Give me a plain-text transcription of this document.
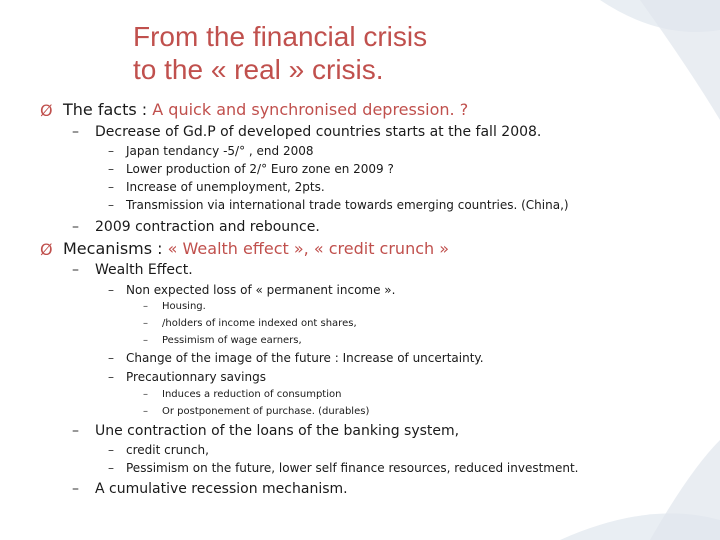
From the financial crisis
to the « real » crisis.
Ø The facts : A quick and synchronised depression. ?
– Decrease of Gd.P of developed countries starts at the fall 2008.
– Japan tendancy -5/° , end 2008
– Lower production of 2/° Euro zone en 2009 ?
– Increase of unemployment, 2pts.
– Transmission via international trade towards emerging countries. (China,)
– 2009 contraction and rebounce.
Ø Mecanisms : « Wealth effect », « credit crunch »
– Wealth Effect.
– Non expected loss of « permanent income ».
– Housing.
– /holders of income indexed ont shares,
– Pessimism of wage earners,
– Change of the image of the future : Increase of uncertainty.
– Precautionnary savings
– Induces a reduction of consumption
– Or postponement of purchase. (durables)
– Une contraction of the loans of the banking system,
– credit crunch,
– Pessimism on the future, lower self finance resources, reduced investment.
– A cumulative recession mechanism.
